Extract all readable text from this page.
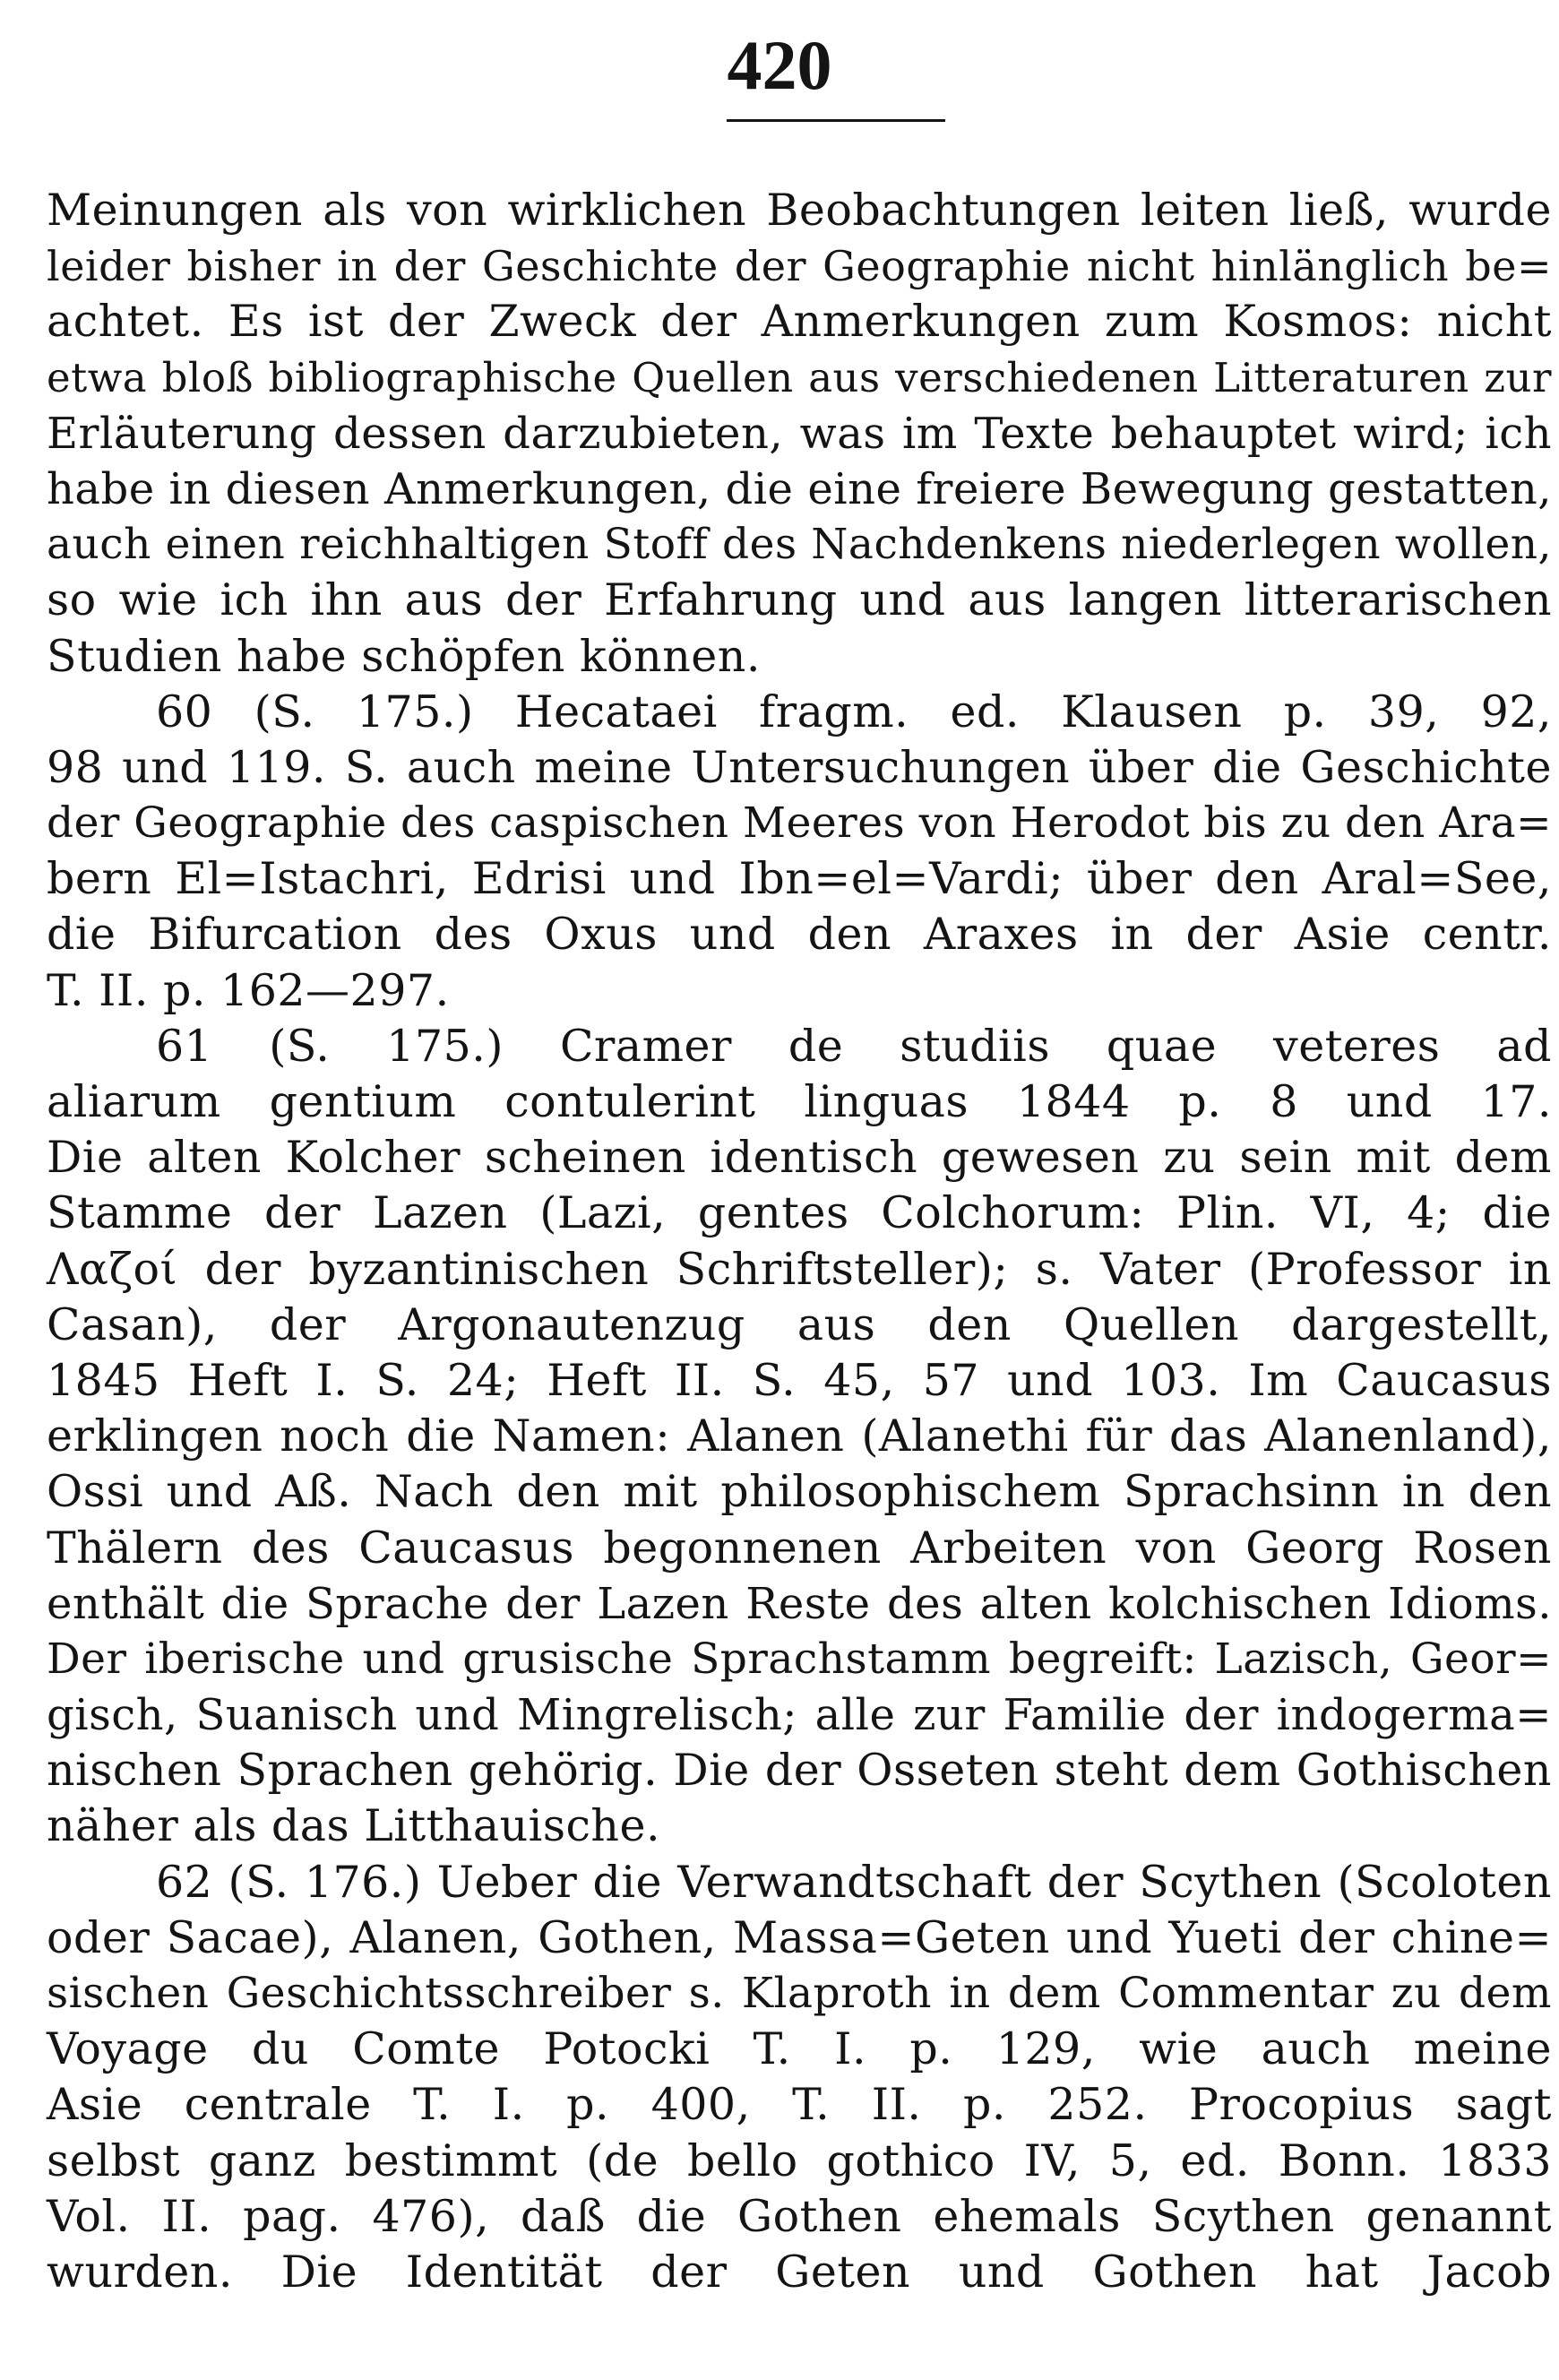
420
Meinungen als von wirklichen Beobachtungen leiten ließ, wurde
leider bisher in der Geschichte der Geographie nicht hinlänglich be=
achtet. Es ist der Zweck der Anmerkungen zum Kosmos: nicht
etwa bloß bibliographische Quellen aus verschiedenen Litteraturen zur
Erläuterung dessen darzubieten, was im Texte behauptet wird; ich
habe in diesen Anmerkungen, die eine freiere Bewegung gestatten,
auch einen reichhaltigen Stoff des Nachdenkens niederlegen wollen,
so wie ich ihn aus der Erfahrung und aus langen litterarischen
Studien habe schöpfen können.
60 (S. 175.) Hecataei fragm. ed. Klausen p. 39, 92,
98 und 119. S. auch meine Untersuchungen über die Geschichte
der Geographie des caspischen Meeres von Herodot bis zu den Ara=
bern El=Istachri, Edrisi und Ibn=el=Vardi; über den Aral=See,
die Bifurcation des Oxus und den Araxes in der Asie centr.
T. II. p. 162—297.
61 (S. 175.) Cramer de studiis quae veteres ad
aliarum gentium contulerint linguas 1844 p. 8 und 17.
Die alten Kolcher scheinen identisch gewesen zu sein mit dem
Stamme der Lazen (Lazi, gentes Colchorum: Plin. VI, 4; die
Λαζοί der byzantinischen Schriftsteller); s. Vater (Professor in
Casan), der Argonautenzug aus den Quellen dargestellt,
1845 Heft I. S. 24; Heft II. S. 45, 57 und 103. Im Caucasus
erklingen noch die Namen: Alanen (Alanethi für das Alanenland),
Ossi und Aß. Nach den mit philosophischem Sprachsinn in den
Thälern des Caucasus begonnenen Arbeiten von Georg Rosen
enthält die Sprache der Lazen Reste des alten kolchischen Idioms.
Der iberische und grusische Sprachstamm begreift: Lazisch, Geor=
gisch, Suanisch und Mingrelisch; alle zur Familie der indogerma=
nischen Sprachen gehörig. Die der Osseten steht dem Gothischen
näher als das Litthauische.
62 (S. 176.) Ueber die Verwandtschaft der Scythen (Scoloten
oder Sacae), Alanen, Gothen, Massa=Geten und Yueti der chine=
sischen Geschichtsschreiber s. Klaproth in dem Commentar zu dem
Voyage du Comte Potocki T. I. p. 129, wie auch meine
Asie centrale T. I. p. 400, T. II. p. 252. Procopius sagt
selbst ganz bestimmt (de bello gothico IV, 5, ed. Bonn. 1833
Vol. II. pag. 476), daß die Gothen ehemals Scythen genannt
wurden. Die Identität der Geten und Gothen hat Jacob
